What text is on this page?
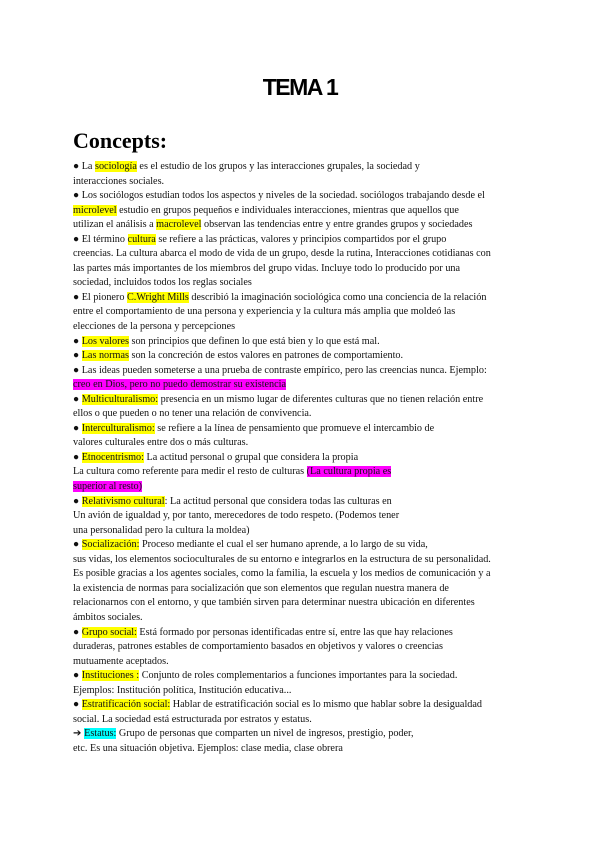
TEMA 1
Concepts:
● La sociología es el estudio de los grupos y las interacciones grupales, la sociedad y
interacciones sociales.
● Los sociólogos estudian todos los aspectos y niveles de la sociedad. sociólogos trabajando desde el
microlevel estudio en grupos pequeños e individuales interacciones, mientras que aquellos que
utilizan el análisis a macrolevel observan las tendencias entre y entre grandes grupos y sociedades
● El término cultura se refiere a las prácticas, valores y principios compartidos por el grupo
creencias. La cultura abarca el modo de vida de un grupo, desde la rutina, Interacciones cotidianas con
las partes más importantes de los miembros del grupo vidas. Incluye todo lo producido por una
sociedad, incluidos todos los reglas sociales
● El pionero C.Wright Mills describió la imaginación sociológica como una conciencia de la relación
entre el comportamiento de una persona y experiencia y la cultura más amplia que moldeó las
elecciones de la persona y percepciones
● Los valores son principios que definen lo que está bien y lo que está mal.
● Las normas son la concreción de estos valores en patrones de comportamiento.
● Las ideas pueden someterse a una prueba de contraste empírico, pero las creencias nunca. Ejemplo:
creo en Dios, pero no puedo demostrar su existencia
● Multiculturalismo: presencia en un mismo lugar de diferentes culturas que no tienen relación entre
ellos o que pueden o no tener una relación de convivencia.
● Interculturalismo: se refiere a la línea de pensamiento que promueve el intercambio de
valores culturales entre dos o más culturas.
● Etnocentrismo: La actitud personal o grupal que considera la propia
La cultura como referente para medir el resto de culturas (La cultura propia es
superior al resto)
● Relativismo cultural: La actitud personal que considera todas las culturas en
Un avión de igualdad y, por tanto, merecedores de todo respeto. (Podemos tener
una personalidad pero la cultura la moldea)
● Socialización: Proceso mediante el cual el ser humano aprende, a lo largo de su vida,
sus vidas, los elementos socioculturales de su entorno e integrarlos en la estructura de su personalidad.
Es posible gracias a los agentes sociales, como la familia, la escuela y los medios de comunicación y a
la existencia de normas para socialización que son elementos que regulan nuestra manera de
relacionarnos con el entorno, y que también sirven para determinar nuestra ubicación en diferentes
ámbitos sociales.
● Grupo social: Está formado por personas identificadas entre sí, entre las que hay relaciones
duraderas, patrones estables de comportamiento basados en objetivos y valores o creencias
mutuamente aceptados.
● Instituciones : Conjunto de roles complementarios a funciones importantes para la sociedad.
Ejemplos: Institución política, Institución educativa...
● Estratificación social: Hablar de estratificación social es lo mismo que hablar sobre la desigualdad
social. La sociedad está estructurada por estratos y estatus.
➔ Estatus: Grupo de personas que comparten un nivel de ingresos, prestigio, poder,
etc. Es una situación objetiva. Ejemplos: clase media, clase obrera
